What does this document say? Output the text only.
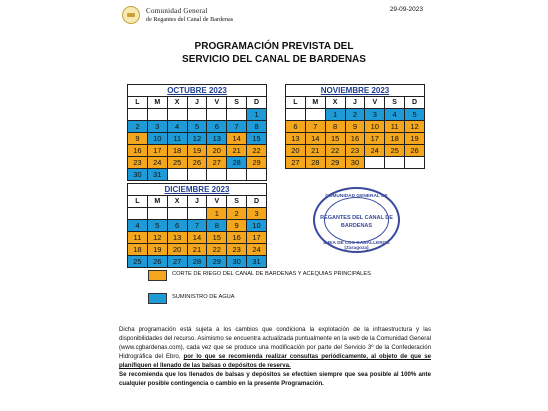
Comunidad General
de Regantes del Canal de Bardenas
29-09-2023
PROGRAMACIÓN PREVISTA DEL
SERVICIO DEL CANAL DE BARDENAS
OCTUBRE 2023						
L	M	X	J	V	S	D
						1
2	3	4	5	6	7	8
9	10	11	12	13	14	15
16	17	18	19	20	21	22
23	24	25	26	27	28	29
30	31					
NOVIEMBRE 2023						
L	M	X	J	V	S	D
		1	2	3	4	5
6	7	8	9	10	11	12
13	14	15	16	17	18	19
20	21	22	23	24	25	26
27	28	29	30			
DICIEMBRE 2023						
L	M	X	J	V	S	D
				1	2	3
4	5	6	7	8	9	10
11	12	13	14	15	16	17
18	19	20	21	22	23	24
25	26	27	28	29	30	31
COMUNIDAD GENERAL DE
REGANTES DEL CANAL DE
BARDENAS
EJEA DE LOS CABALLEROS (Zaragoza)
CORTE DE RIEGO DEL CANAL DE BARDENAS Y ACEQUIAS PRINCIPALES
SUMINISTRO DE AGUA
Dicha programación está sujeta a los cambios que condiciona la explotación de la infraestructura y las disponibilidades del recurso. Asimismo se encuentra actualizada puntualmente en la web de la Comunidad General (www.cgbardenas.com), cada vez que se produce una modificación por parte del Servicio 3º de la Confederación Hidrográfica del Ebro, por lo que se recomienda realizar consultas periódicamente, al objeto de que se planifiquen el llenado de las balsas o depósitos de reserva.
Se recomienda que los llenados de balsas y depósitos se efectúen siempre que sea posible al 100% ante cualquier posible contingencia o cambio en la presente Programación.
